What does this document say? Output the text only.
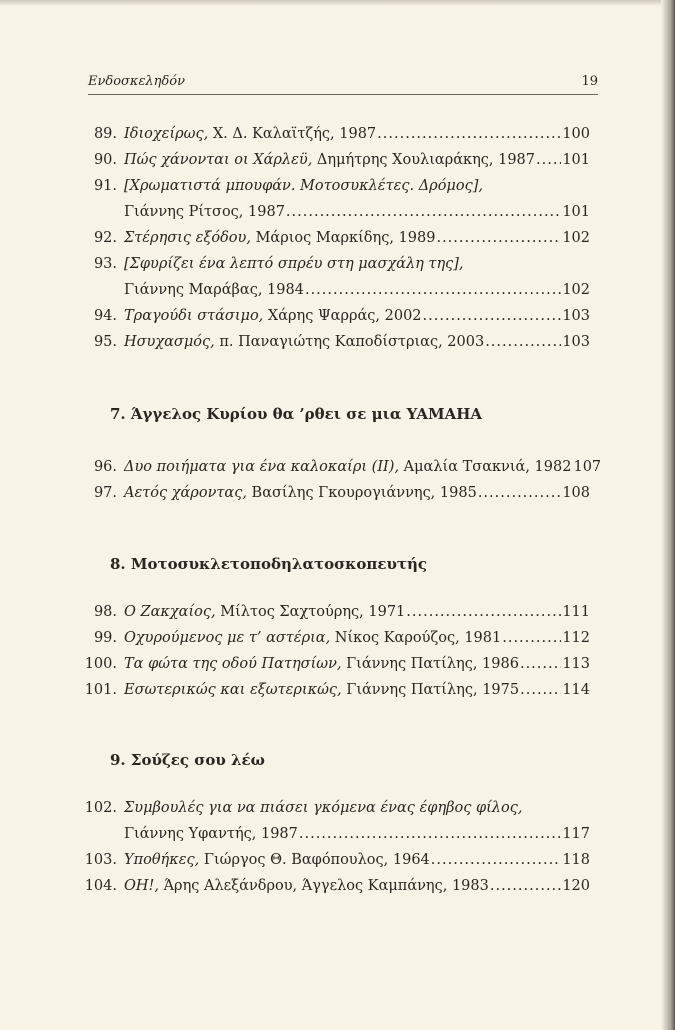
Ενδοσκεληδόν	19
89. Ιδιοχείρως, Χ. Δ. Καλαϊτζής, 1987 .....	100
90. Πώς χάνονται οι Χάρλεϋ, Δημήτρης Χουλιαράκης, 1987 ..... 101
91. [Χρωματιστά μπουφάν. Μοτοσυκλέτες. Δρόμος],
Γιάννης Ρίτσος, 1987 .....	101
92. Στέρησις εξόδου, Μάριος Μαρκίδης, 1989 .....	102
93. [Σφυρίζει ένα λεπτό σπρέυ στη μασχάλη της],
Γιάννης Μαράβας, 1984 .....	102
94. Τραγούδι στάσιμο, Χάρης Ψαρράς, 2002 .....	103
95. Ησυχασμός, π. Παναγιώτης Καποδίστριας, 2003 .....	103
7. Άγγελος Κυρίου θα ’ρθει σε μια YAMAHA
96. Δυο ποιήματα για ένα καλοκαίρι (ΙΙ), Αμαλία Τσακνιά, 1982 107
97. Αετός χάροντας, Βασίλης Γκουρογιάννης, 1985 .....	108
8. Μοτοσυκλετοποδηλατοσκοπευτής
98. Ο Ζακχαίος, Μίλτος Σαχτούρης, 1971 .....	111
99. Οχυρούμενος με τ’ αστέρια, Νίκος Καρούζος, 1981 .....	112
100. Τα φώτα της οδού Πατησίων, Γιάννης Πατίλης, 1986 .....	113
101. Εσωτερικώς και εξωτερικώς, Γιάννης Πατίλης, 1975 .....	114
9. Σούζες σου λέω
102. Συμβουλές για να πιάσει γκόμενα ένας έφηβος φίλος,
Γιάννης Υφαντής, 1987 .....	117
103. Υποθήκες, Γιώργος Θ. Βαφόπουλος, 1964 .....	118
104. ΟΗ!, Άρης Αλεξάνδρου, Άγγελος Καμπάνης, 1983 .....	120
